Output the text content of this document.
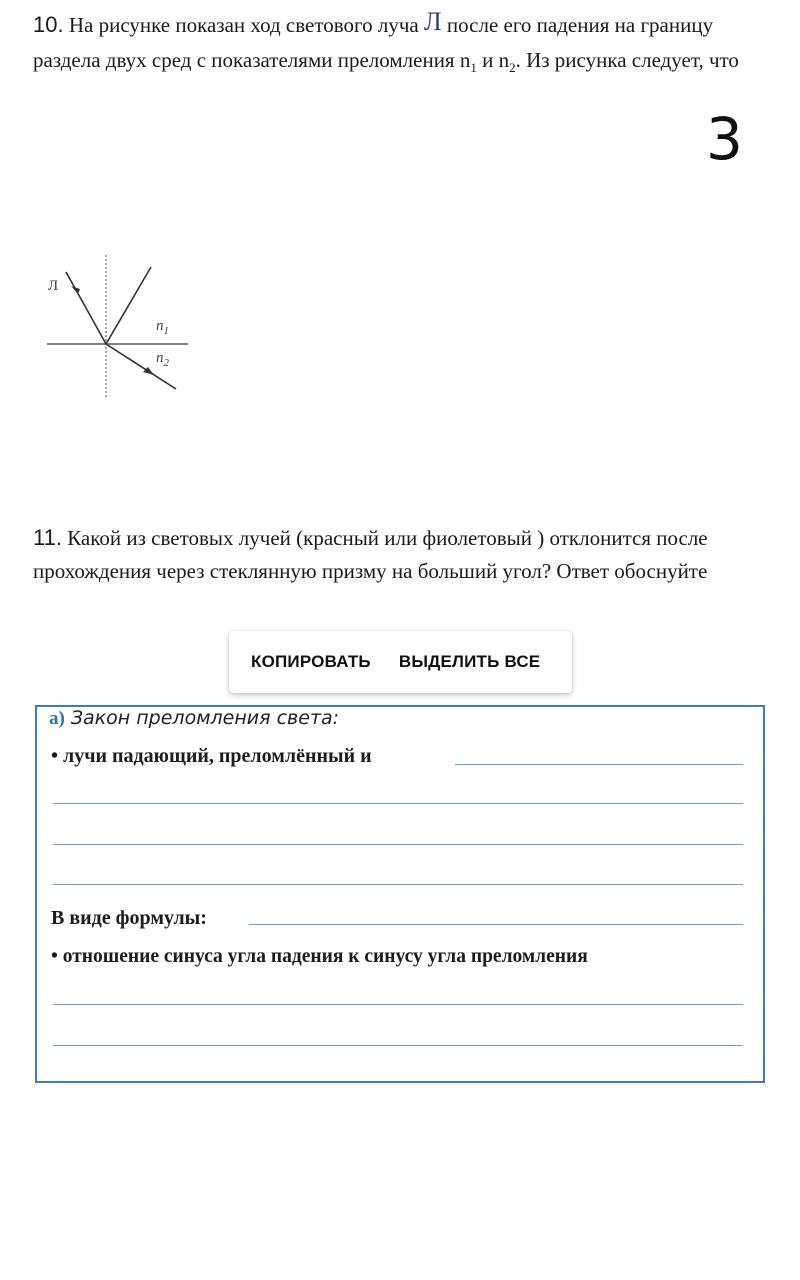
10. На рисунке показан ход светового луча Л после его падения на границу раздела двух сред с показателями преломления $n_1$ и $n_2$. Из рисунка следует, что

3
Л
$n_1$
$n_2$

11. Какой из световых лучей (красный или фиолетовый ) отклонится после прохождения через стеклянную призму на больший угол? Ответ обоснуйте

КОПИРОВАТЬ	ВЫДЕЛИТЬ ВСЕ
а) Закон преломления света:
• лучи падающий, преломлённый и
В виде формулы:
• отношение синуса угла падения к синусу угла преломления
